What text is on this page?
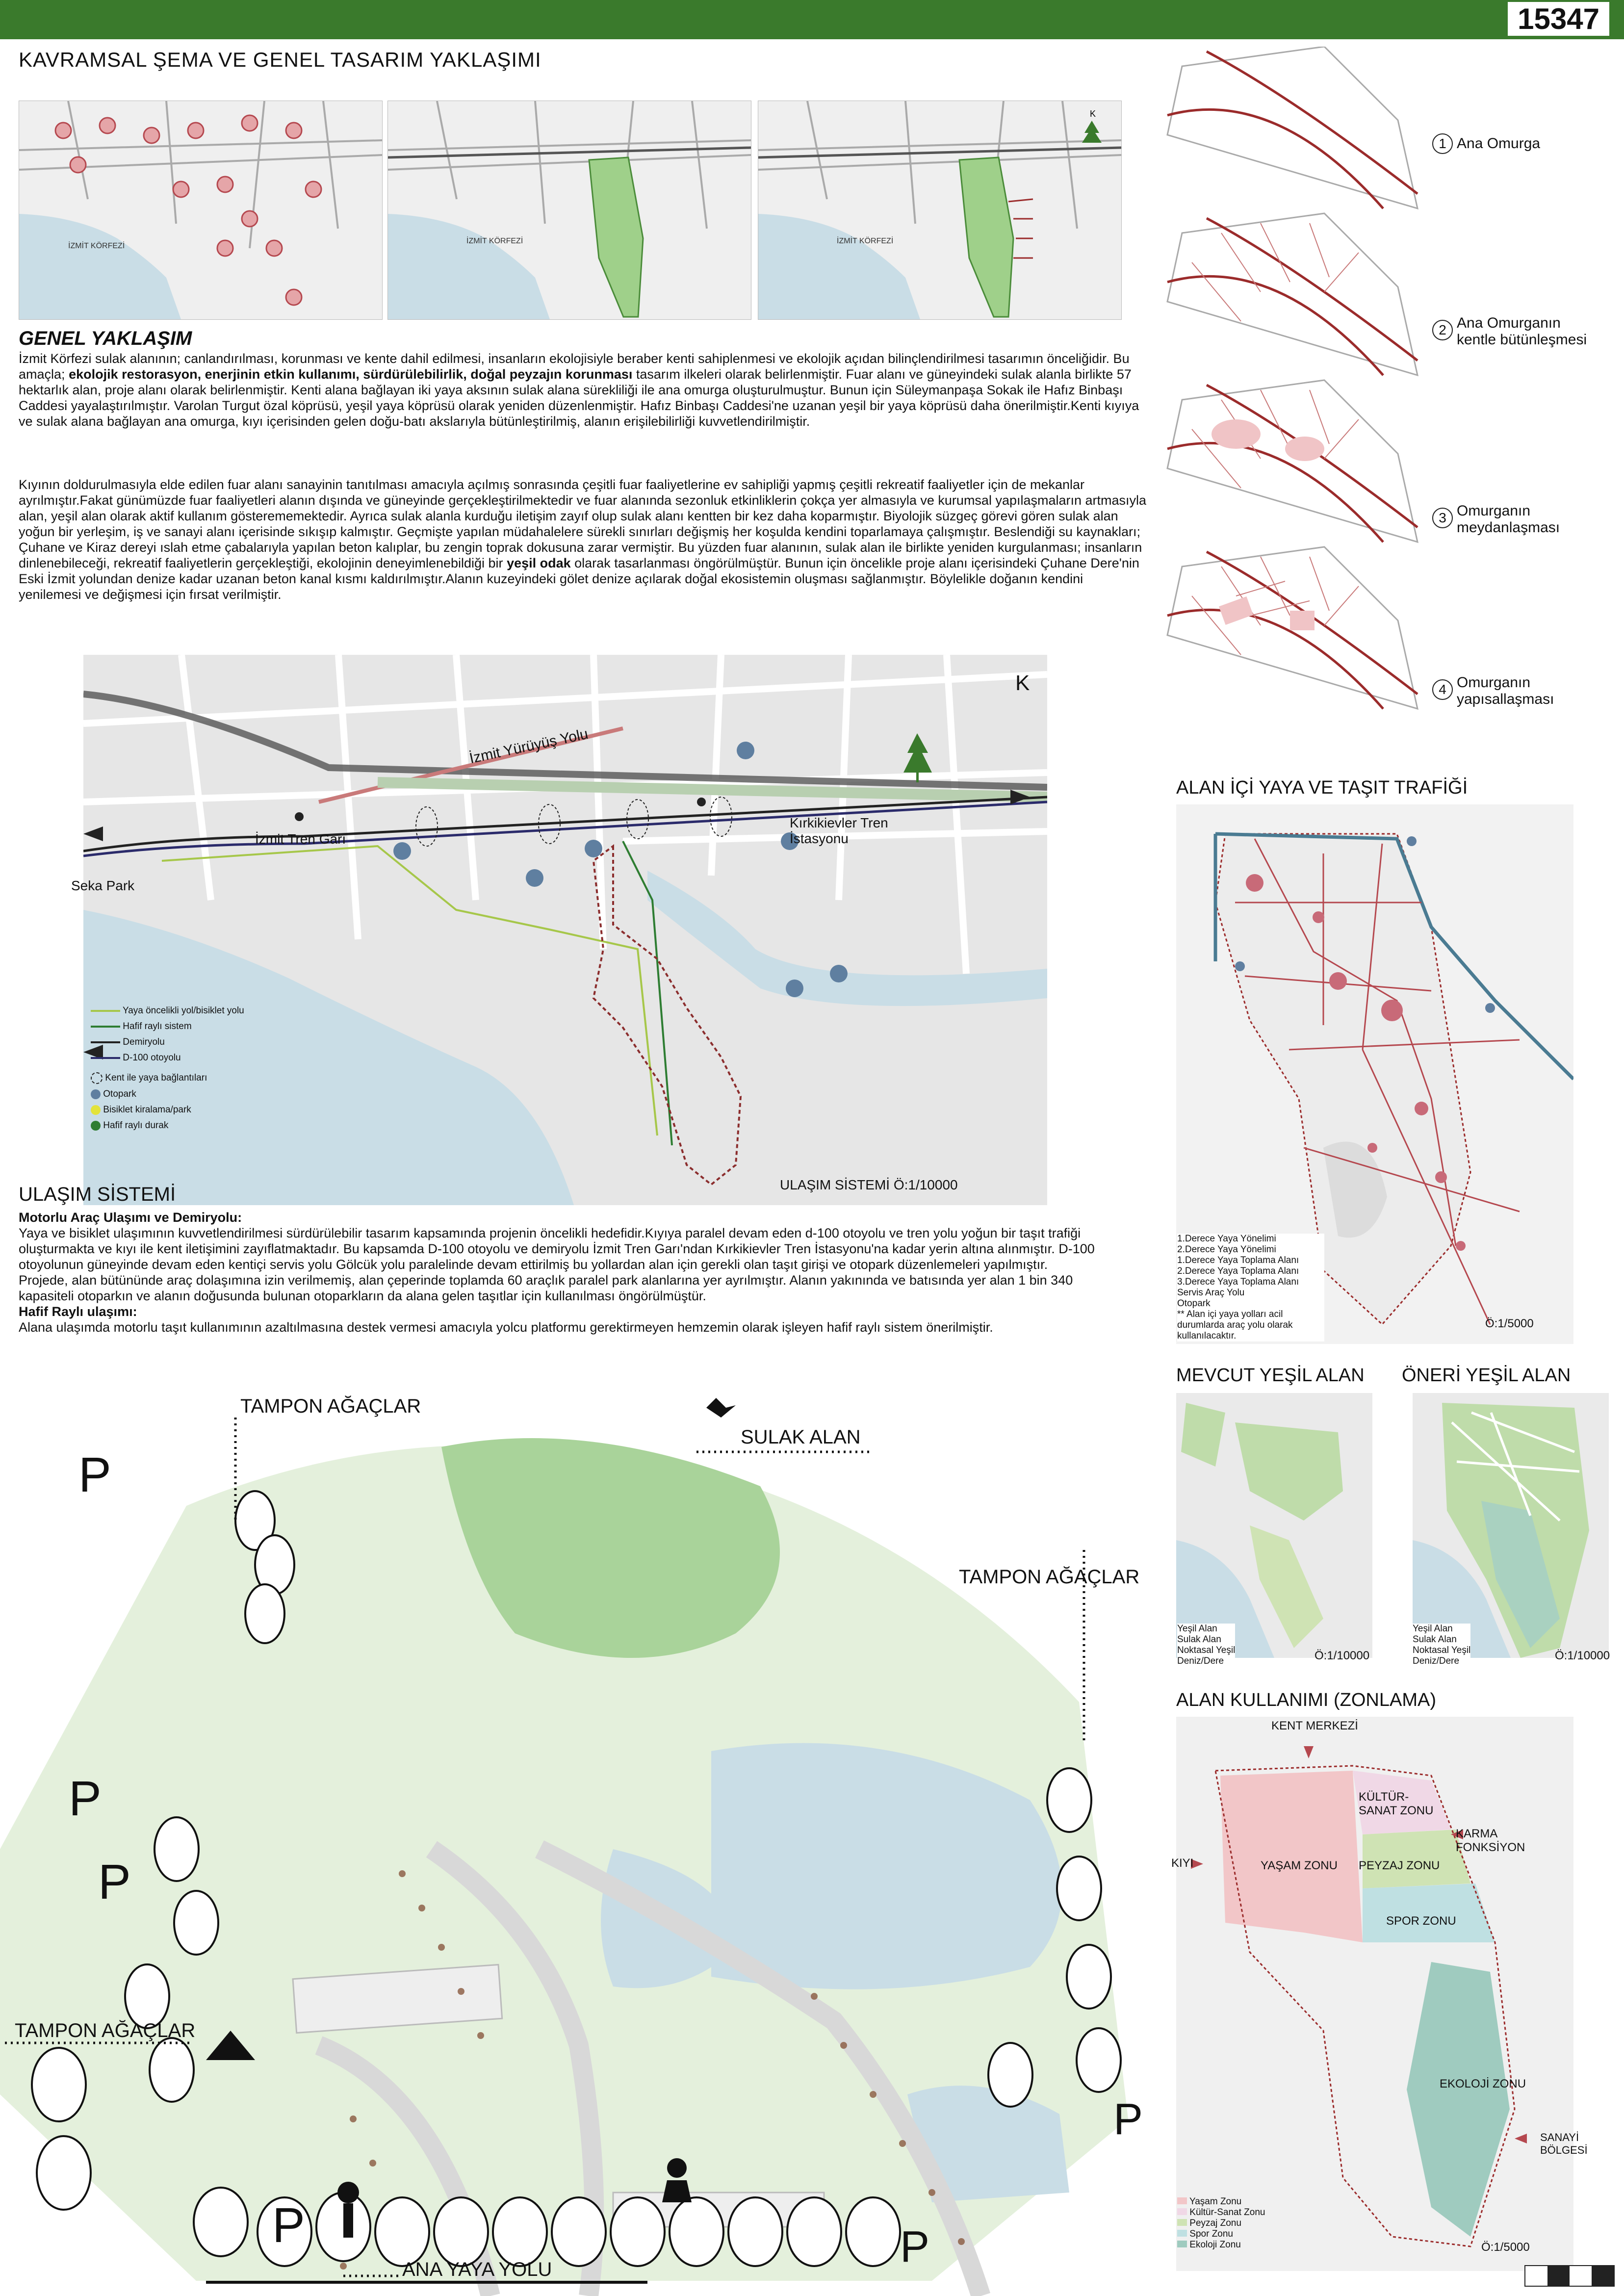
15347
KAVRAMSAL ŞEMA VE GENEL TASARIM YAKLAŞIMI
İZMİT KÖRFEZİ
İZMİT KÖRFEZİ
K
İZMİT KÖRFEZİ
1 Ana Omurga
2 Ana Omurganın kentle bütünleşmesi
3 Omurganın meydanlaşması
4 Omurganın yapısallaşması
GENEL YAKLAŞIM
İzmit Körfezi sulak alanının; canlandırılması, korunması ve kente dahil edilmesi, insanların ekolojisiyle beraber kenti sahiplenmesi ve ekolojik açıdan bilinçlendirilmesi tasarımın önceliğidir. Bu amaçla; ekolojik restorasyon, enerjinin etkin kullanımı, sürdürülebilirlik, doğal peyzajın korunması tasarım ilkeleri olarak belirlenmiştir. Fuar alanı ve güneyindeki sulak alanla birlikte 57 hektarlık alan, proje alanı olarak belirlenmiştir. Kenti alana bağlayan iki yaya aksının sulak alana sürekliliği ile ana omurga oluşturulmuştur. Bunun için Süleymanpaşa Sokak ile Hafız Binbaşı Caddesi yayalaştırılmıştır. Varolan Turgut özal köprüsü, yeşil yaya köprüsü olarak yeniden düzenlenmiştir. Hafız Binbaşı Caddesi'ne uzanan yeşil bir yaya köprüsü daha önerilmiştir.Kenti kıyıya ve sulak alana bağlayan ana omurga, kıyı içerisinden gelen doğu-batı akslarıyla bütünleştirilmiş, alanın erişilebilirliği kuvvetlendirilmiştir.
Kıyının doldurulmasıyla elde edilen fuar alanı sanayinin tanıtılması amacıyla açılmış sonrasında çeşitli fuar faaliyetlerine ev sahipliği yapmış çeşitli rekreatif faaliyetler için de mekanlar ayrılmıştır.Fakat günümüzde fuar faaliyetleri alanın dışında ve güneyinde gerçekleştirilmektedir ve fuar alanında sezonluk etkinliklerin çokça yer almasıyla ve kurumsal yapılaşmaların artmasıyla alan, yeşil alan olarak aktif kullanım gösterememektedir. Ayrıca sulak alanla kurduğu iletişim zayıf olup sulak alanı kentten bir kez daha koparmıştır. Biyolojik süzgeç görevi gören sulak alan yoğun bir yerleşim, iş ve sanayi alanı içerisinde sıkışıp kalmıştır. Geçmişte yapılan müdahalelere sürekli sınırları değişmiş her koşulda kendini toparlamaya çalışmıştır. Beslendiği su kaynakları; Çuhane ve Kiraz dereyi ıslah etme çabalarıyla yapılan beton kalıplar, bu zengin toprak dokusuna zarar vermiştir. Bu yüzden fuar alanının, sulak alan ile birlikte yeniden kurgulanması; insanların dinlenebileceği, rekreatif faaliyetlerin gerçekleştiği, ekolojinin deneyimlenebildiği bir yeşil odak olarak tasarlanması öngörülmüştür. Bunun için öncelikle proje alanı içerisindeki Çuhane Dere'nin Eski İzmit yolundan denize kadar uzanan beton kanal kısmı kaldırılmıştır.Alanın kuzeyindeki gölet denize açılarak doğal ekosistemin oluşması sağlanmıştır. Böylelikle doğanın kendini yenilemesi ve değişmesi için fırsat verilmiştir.
İzmit Yürüyüş Yolu
İzmit Tren Garı
Kırkikievler Tren İstasyonu
Seka Park
K
Yaya öncelikli yol/bisiklet yolu
Hafif raylı sistem
Demiryolu
D-100 otoyolu
Kent ile yaya bağlantıları
Otopark
Bisiklet kiralama/park
Hafif raylı durak
ULAŞIM SİSTEMİ Ö:1/10000
ULAŞIM SİSTEMİ
Motorlu Araç Ulaşımı ve Demiryolu:
Yaya ve bisiklet ulaşımının kuvvetlendirilmesi sürdürülebilir tasarım kapsamında projenin öncelikli hedefidir.Kıyıya paralel devam eden d-100 otoyolu ve tren yolu yoğun bir taşıt trafiği oluşturmakta ve kıyı ile kent iletişimini zayıflatmaktadır. Bu kapsamda D-100 otoyolu ve demiryolu İzmit Tren Garı'ndan Kırkikievler Tren İstasyonu'na kadar yerin altına alınmıştır. D-100 otoyolunun güneyinde devam eden kentiçi servis yolu Gölcük yolu paralelinde devam ettirilmiş bu yollardan alan için gerekli olan taşıt girişi ve otopark düzenlemeleri yapılmıştır.
Projede, alan bütününde araç dolaşımına izin verilmemiş, alan çeperinde toplamda 60 araçlık paralel park alanlarına yer ayrılmıştır. Alanın yakınında ve batısında yer alan 1 bin 340 kapasiteli otoparkın ve alanın doğusunda bulunan otoparkların da alana gelen taşıtlar için kullanılması öngörülmüştür.
Hafif Raylı ulaşımı:
Alana ulaşımda motorlu taşıt kullanımının azaltılmasına destek vermesi amacıyla yolcu platformu gerektirmeyen hemzemin olarak işleyen hafif raylı sistem önerilmiştir.
ALAN İÇİ YAYA VE TAŞIT TRAFİĞİ
1.Derece Yaya Yönelimi
2.Derece Yaya Yönelimi
1.Derece Yaya Toplama Alanı
2.Derece Yaya Toplama Alanı
3.Derece Yaya Toplama Alanı
Servis Araç Yolu
Otopark
** Alan içi yaya yolları acil durumlarda araç yolu olarak kullanılacaktır.
Ö:1/5000
MEVCUT YEŞİL ALAN ÖNERİ YEŞİL ALAN
Yeşil Alan
Sulak Alan
Noktasal Yeşil
Deniz/Dere	Ö:1/10000
Yeşil Alan
Sulak Alan
Noktasal Yeşil
Deniz/Dere	Ö:1/10000
ALAN KULLANIMI (ZONLAMA)
KENT MERKEZİ
KÜLTÜR-SANAT ZONU
KARMA FONKSİYON
KIYI	YAŞAM ZONU PEYZAJ ZONU
SPOR ZONU
EKOLOJİ ZONU
SANAYİ BÖLGESİ
Yaşam Zonu
Kültür-Sanat Zonu
Peyzaj Zonu
Spor Zonu
Ekoloji Zonu	Ö:1/5000
TAMPON AĞAÇLAR
SULAK ALAN
TAMPON AĞAÇLAR
TAMPON AĞAÇLAR
ANA YAYA YOLU
P
P
P
P
P	P
